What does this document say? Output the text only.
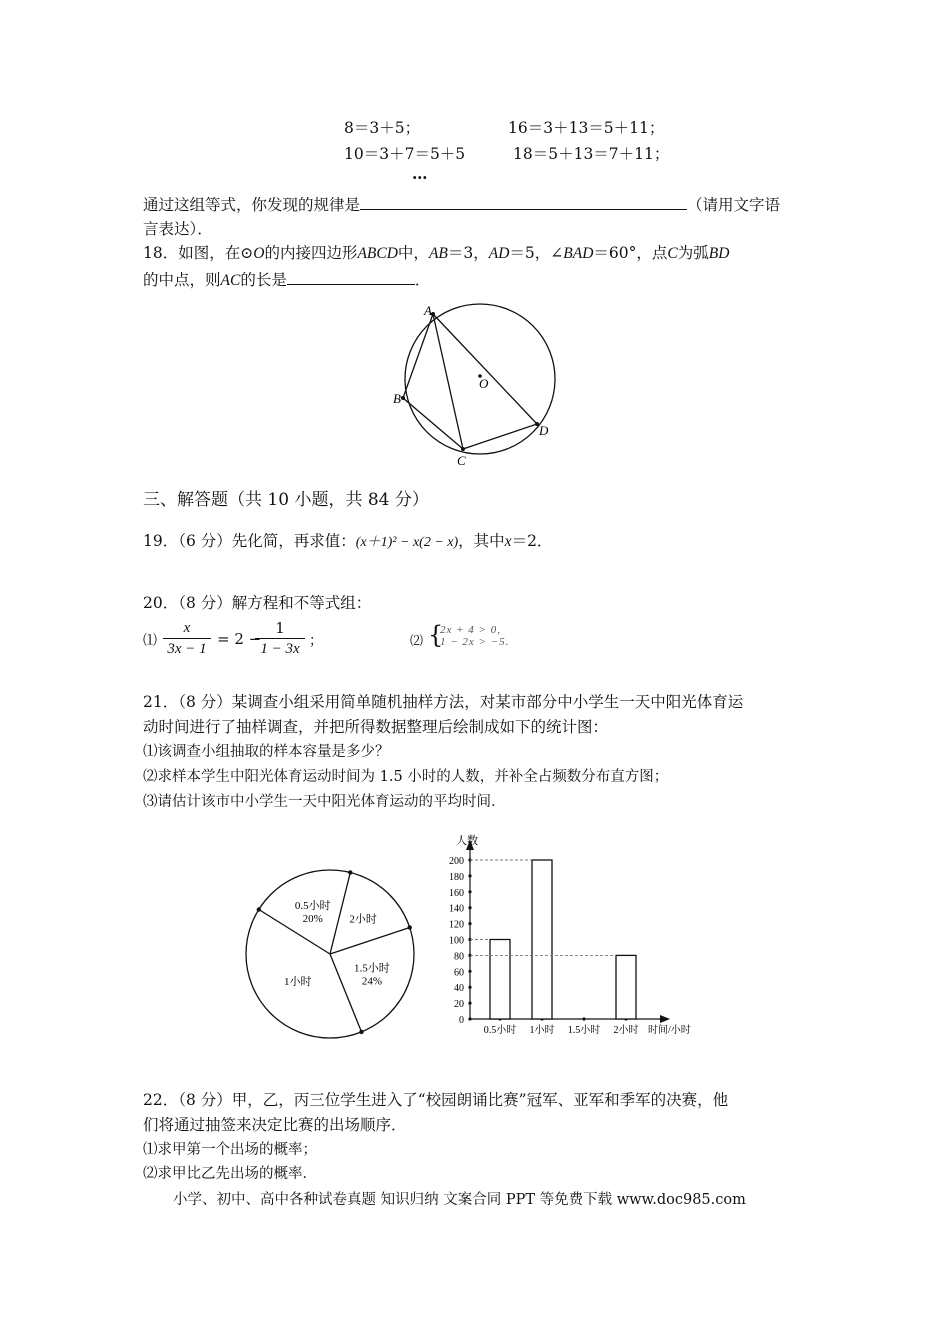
8＝3＋5；	16＝3＋13＝5＋11；
10＝3＋7＝5＋5	18＝5＋13＝7＋11；
…
通过这组等式，你发现的规律是	（请用文字语
言表达）．
18．如图，在⊙O的内接四边形ABCD中，AB＝3，AD＝5，∠BAD＝60°，点C为弧BD
的中点，则AC的长是	．
A
B
C
D
O
三、解答题（共 10 小题，共 84 分）
19．（6 分）先化简，再求值：(x＋1)² − x(2 − x)，其中x＝2．
20．（8 分）解方程和不等式组：
⑴
x
3x − 1
= 2 −
1
1 − 3x ；	⑵ {
2x + 4 > 0,
1 − 2x > −5.
21．（8 分）某调查小组采用简单随机抽样方法，对某市部分中小学生一天中阳光体育运
动时间进行了抽样调查，并把所得数据整理后绘制成如下的统计图：
⑴该调查小组抽取的样本容量是多少？
⑵求样本学生中阳光体育运动时间为 1.5 小时的人数，并补全占频数分布直方图；
⑶请估计该市中小学生一天中阳光体育运动的平均时间．
0.5小时
20% 2小时
1.5小时
24%
1小时
人数
0
20
40
60
80
100
120
140
160
180
200
0.5小时 1小时 1.5小时 2小时 时间/小时
22．（8 分）甲，乙，丙三位学生进入了“校园朗诵比赛”冠军、亚军和季军的决赛，他
们将通过抽签来决定比赛的出场顺序．
⑴求甲第一个出场的概率；
⑵求甲比乙先出场的概率．
小学、初中、高中各种试卷真题 知识归纳 文案合同 PPT 等免费下载 www.doc985.com
